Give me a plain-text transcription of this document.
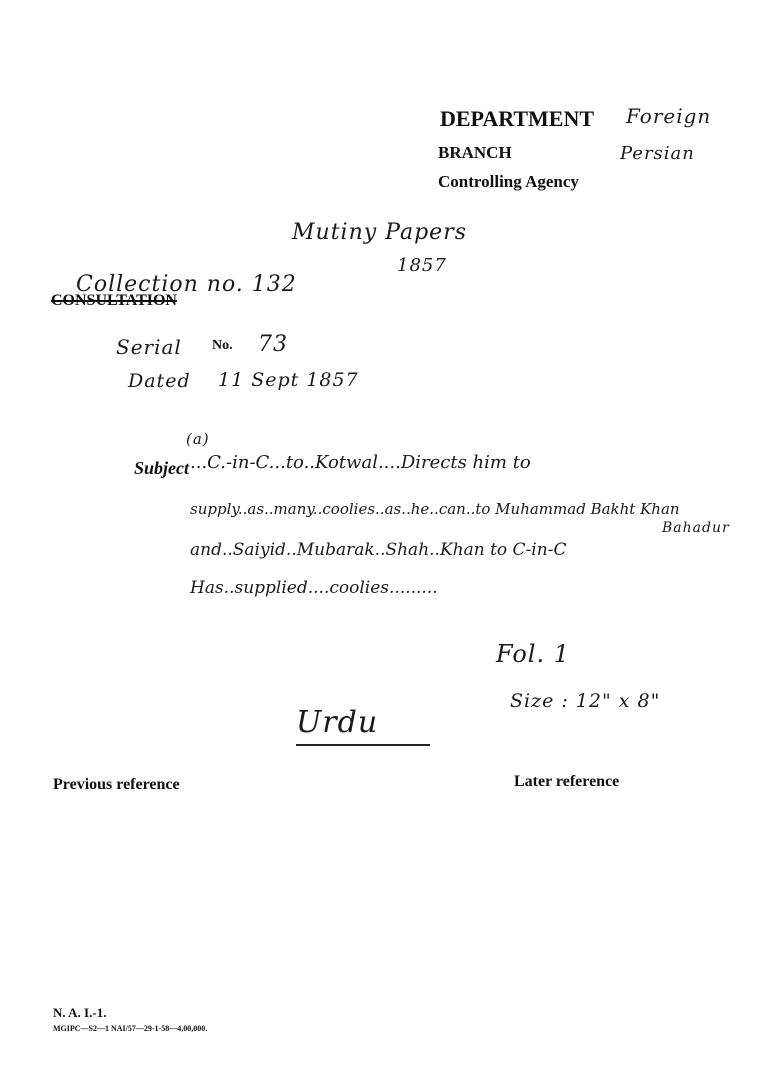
DEPARTMENT Foreign
BRANCH	Persian
Controlling Agency
Mutiny Papers
1857
Collection no. 132
CONSULTATION
Serial No. 73
Dated 11 Sept 1857
(a)
Subject ...C.-in-C...to..Kotwal....Directs him to
supply..as..many..coolies..as..he..can..to Muhammad Bakht Khan
Bahadur
and..Saiyid..Mubarak..Shah..Khan to C-in-C
Has..supplied....coolies.........
Fol. 1
Size : 12" x 8"
Urdu
Previous reference	Later reference
N. A. I.-1.
MGIPC—S2—1 NAI/57—29-1-58—4,00,000.
